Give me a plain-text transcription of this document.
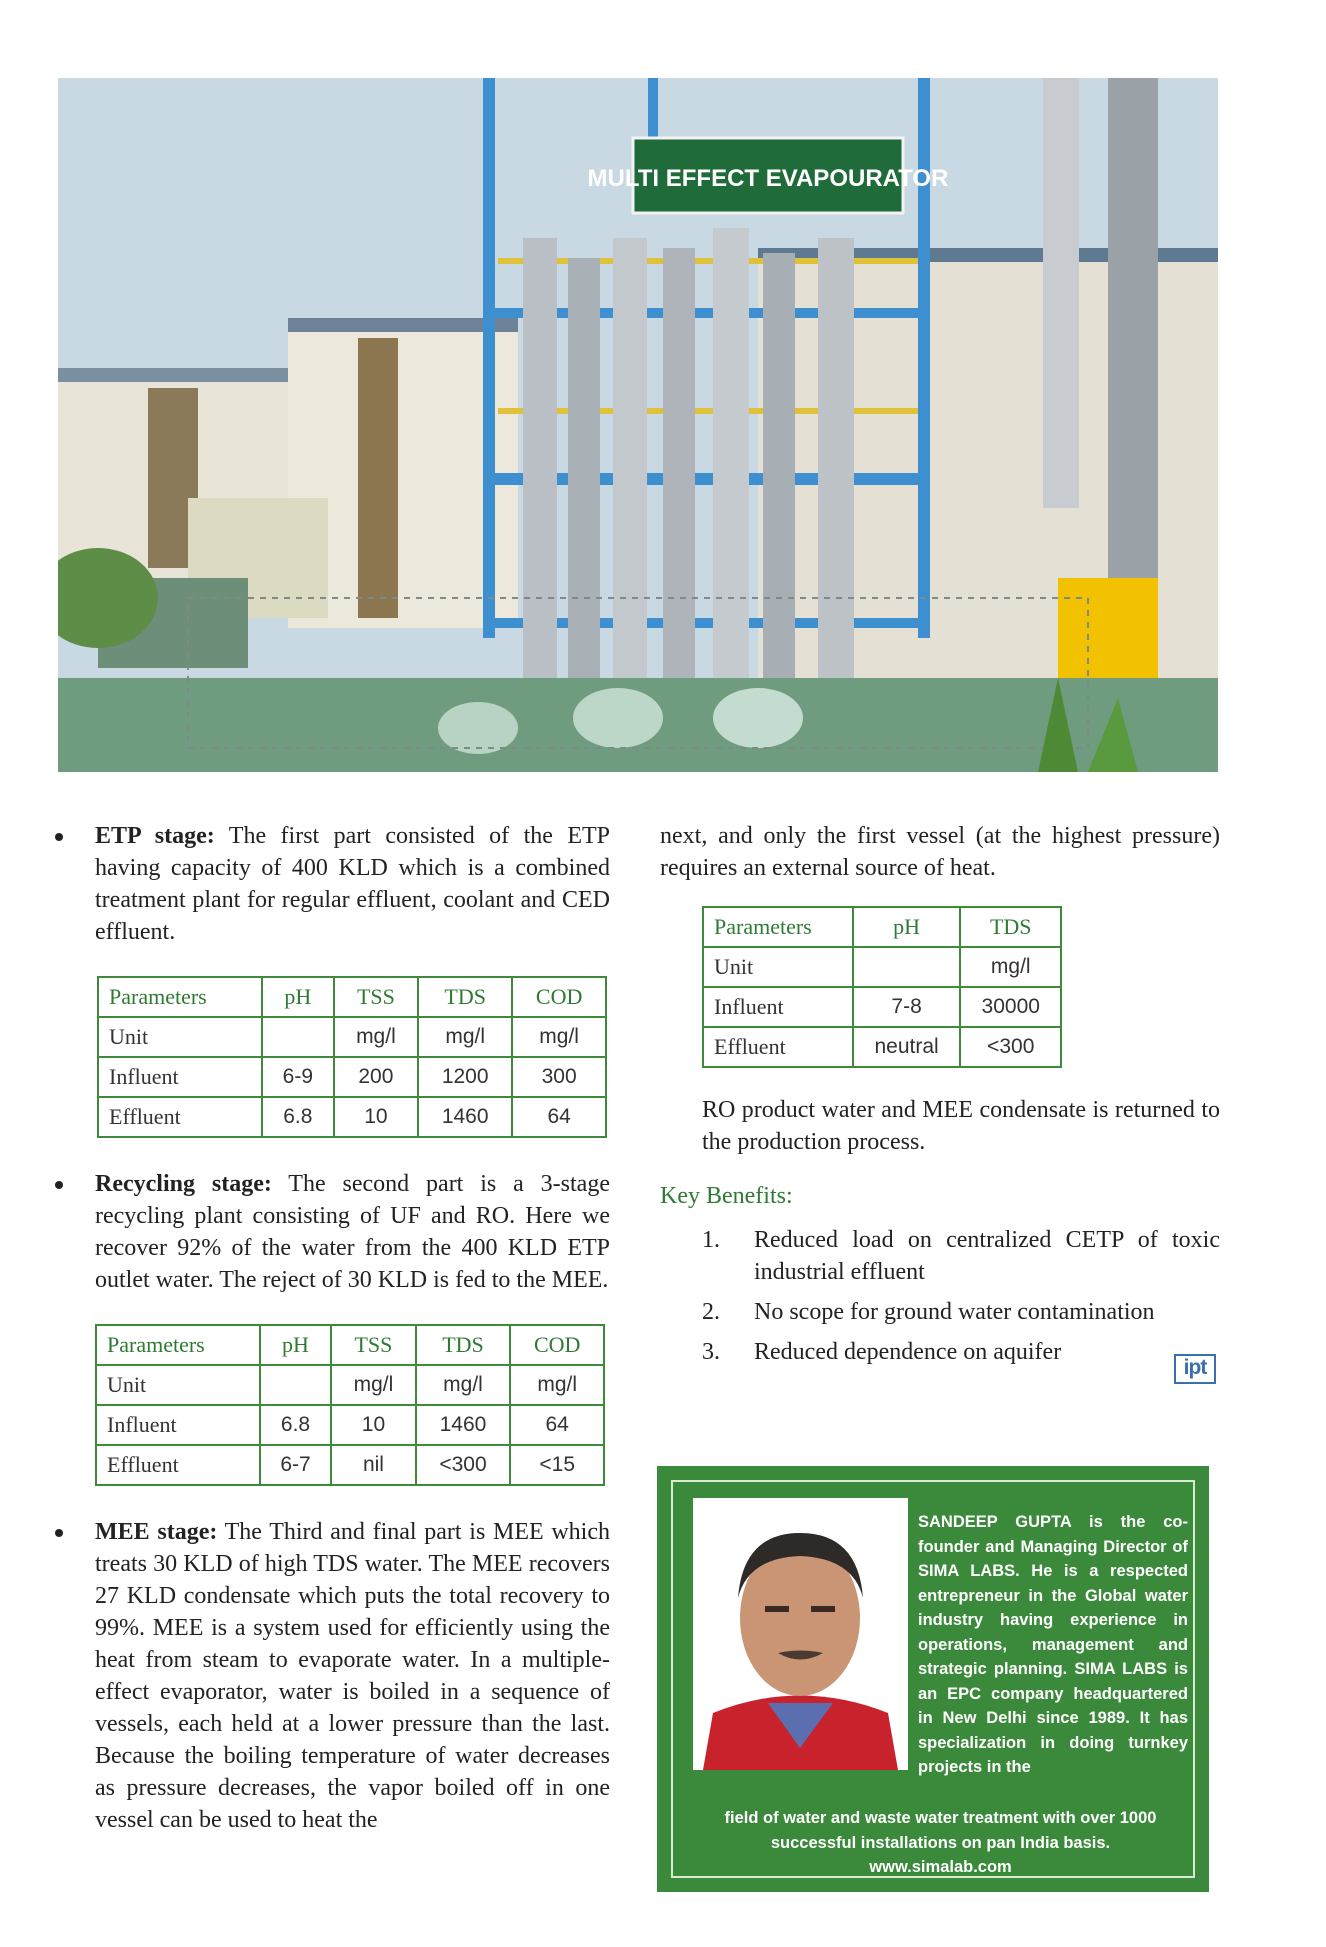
MULTI EFFECT EVAPOURATOR
ETP stage: The first part consisted of the ETP having capacity of 400 KLD which is a combined treatment plant for regular effluent, coolant and CED effluent.
Parameters	pH	TSS	TDS	COD
Unit		mg/l	mg/l	mg/l
Influent	6-9	200	1200	300
Effluent	6.8	10	1460	64
Recycling stage: The second part is a 3-stage recycling plant consisting of UF and RO. Here we recover 92% of the water from the 400 KLD ETP outlet water. The reject of 30 KLD is fed to the MEE.
Parameters	pH	TSS	TDS	COD
Unit		mg/l	mg/l	mg/l
Influent	6.8	10	1460	64
Effluent	6-7	nil	<300	<15
MEE stage: The Third and final part is MEE which treats 30 KLD of high TDS water. The MEE recovers 27 KLD condensate which puts the total recovery to 99%. MEE is a system used for efficiently using the heat from steam to evaporate water. In a multiple-effect evaporator, water is boiled in a sequence of vessels, each held at a lower pressure than the last. Because the boiling temperature of water decreases as pressure decreases, the vapor boiled off in one vessel can be used to heat the
next, and only the first vessel (at the highest pressure) requires an external source of heat.
Parameters	pH	TDS
Unit		mg/l
Influent	7-8	30000
Effluent	neutral	<300
RO product water and MEE condensate is returned to the production process.
Key Benefits:
1. Reduced load on centralized CETP of toxic industrial effluent
2. No scope for ground water contamination
3. Reduced dependence on aquifer
ipt
SANDEEP GUPTA is the co-founder and Managing Director of SIMA LABS. He is a respected entrepreneur in the Global water industry having experience in operations, management and strategic planning. SIMA LABS is an EPC company headquartered in New Delhi since 1989. It has specialization in doing turnkey projects in the
field of water and waste water treatment with over 1000 successful installations on pan India basis.
www.simalab.com
